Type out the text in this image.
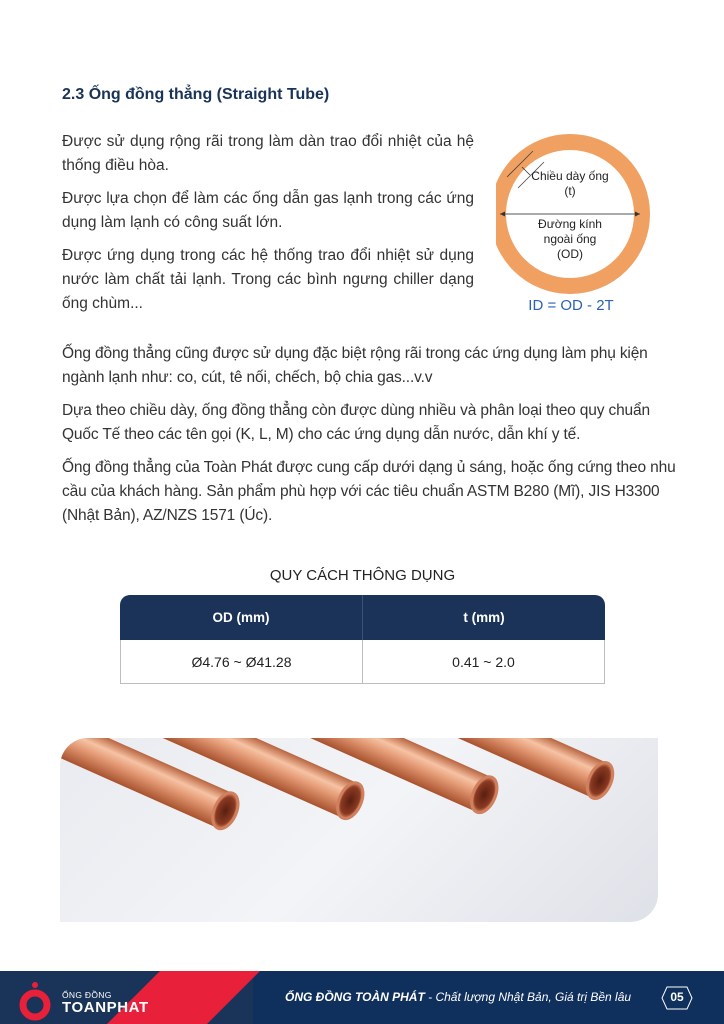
2.3 Ống đồng thẳng (Straight Tube)

Được sử dụng rộng rãi trong làm dàn trao đổi nhiệt của hệ thống điều hòa.

Được lựa chọn để làm các ống dẫn gas lạnh trong các ứng dụng làm lạnh có công suất lớn.

Được ứng dụng trong các hệ thống trao đổi nhiệt sử dụng nước làm chất tải lạnh. Trong các bình ngưng chiller dạng ống chùm...

Chiều dày ống
(t)
Đường kính
ngoài ống
(OD)
ID = OD - 2T

Ống đồng thẳng cũng được sử dụng đặc biệt rộng rãi trong các ứng dụng làm phụ kiện ngành lạnh như: co, cút, tê nối, chếch, bộ chia gas...v.v

Dựa theo chiều dày, ống đồng thẳng còn được dùng nhiều và phân loại theo quy chuẩn Quốc Tế theo các tên gọi (K, L, M) cho các ứng dụng dẫn nước, dẫn khí y tế.

Ống đồng thẳng của Toàn Phát được cung cấp dưới dạng ủ sáng, hoặc ống cứng theo nhu cầu của khách hàng. Sản phẩm phù hợp với các tiêu chuẩn ASTM B280 (Mĩ), JIS H3300 (Nhật Bản), AZ/NZS 1571 (Úc).

QUY CÁCH THÔNG DỤNG
OD (mm)	t (mm)
Ø4.76 ~ Ø41.28	0.41 ~ 2.0
ỐNG ĐỒNG
TOANPHAT
ỐNG ĐỒNG TOÀN PHÁT - Chất lượng Nhật Bản, Giá trị Bền lâu	05
